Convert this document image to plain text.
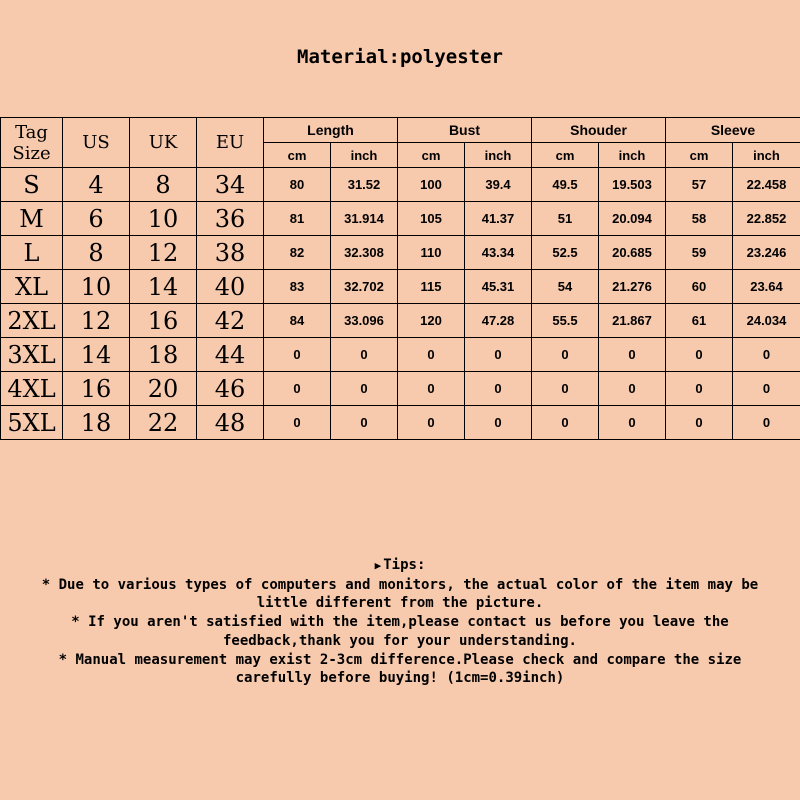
Material:polyester
Tag
Size	US	UK	EU	Length		Bust		Shouder		Sleeve	
				cm	inch	cm	inch	cm	inch	cm	inch
S	4	8	34	80	31.52	100	39.4	49.5	19.503	57	22.458
M	6	10	36	81	31.914	105	41.37	51	20.094	58	22.852
L	8	12	38	82	32.308	110	43.34	52.5	20.685	59	23.246
XL	10	14	40	83	32.702	115	45.31	54	21.276	60	23.64
2XL	12	16	42	84	33.096	120	47.28	55.5	21.867	61	24.034
3XL	14	18	44	0	0	0	0	0	0	0	0
4XL	16	20	46	0	0	0	0	0	0	0	0
5XL	18	22	48	0	0	0	0	0	0	0	0
▶ Tips:
* Due to various types of computers and monitors, the actual color of the item may be
little different from the picture.
* If you aren't satisfied with the item,please contact us before you leave the
feedback,thank you for your understanding.
* Manual measurement may exist 2-3cm difference.Please check and compare the size
carefully before buying! (1cm=0.39inch)
